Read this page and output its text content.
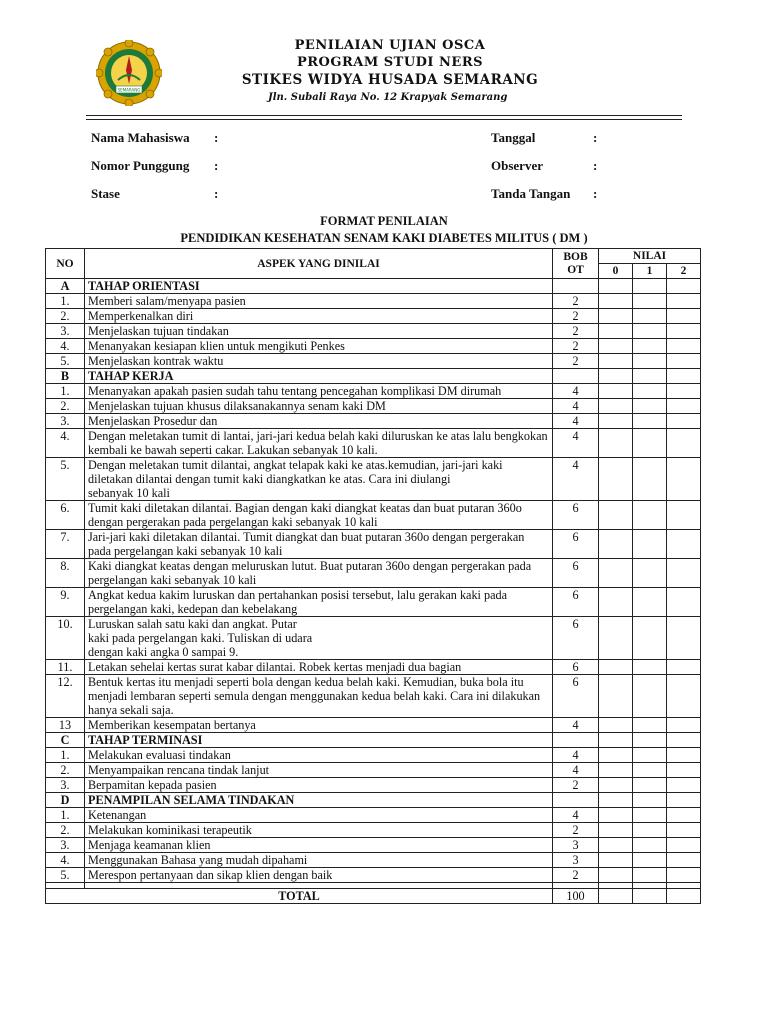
SEMARANG
PENILAIAN UJIAN OSCA
PROGRAM STUDI NERS
STIKES WIDYA HUSADA SEMARANG
Jln. Subali Raya No. 12 Krapyak Semarang
Nama Mahasiswa :
Nomor Punggung :
Stase	:
Tanggal	:
Observer	:
Tanda Tangan :
FORMAT PENILAIAN
PENDIDIKAN KESEHATAN SENAM KAKI DIABETES MILITUS ( DM )
NO	ASPEK YANG DINILAI	BOB OT	NILAI		
			0	1	2
A	TAHAP ORIENTASI				
1.	Memberi salam/menyapa pasien	2			
2.	Memperkenalkan diri	2			
3.	Menjelaskan tujuan tindakan	2			
4.	Menanyakan kesiapan klien untuk mengikuti Penkes	2			
5.	Menjelaskan kontrak waktu	2			
B	TAHAP KERJA				
1.	Menanyakan apakah pasien sudah tahu tentang pencegahan komplikasi DM dirumah	4			
2.	Menjelaskan tujuan khusus dilaksanakannya senam kaki DM	4			
3.	Menjelaskan Prosedur dan	4			
4.	Dengan meletakan tumit di lantai, jari-jari kedua belah kaki diluruskan ke atas lalu bengkokan kembali ke bawah seperti cakar. Lakukan sebanyak 10 kali.	4			
5.	Dengan meletakan tumit dilantai, angkat telapak kaki ke atas.kemudian, jari-jari kaki diletakan dilantai dengan tumit kaki diangkatkan ke atas. Cara ini diulangi
sebanyak 10 kali	4			
6.	Tumit kaki diletakan dilantai. Bagian dengan kaki diangkat keatas dan buat putaran 360o dengan pergerakan pada pergelangan kaki sebanyak 10 kali	6			
7.	Jari-jari kaki diletakan dilantai. Tumit diangkat dan buat putaran 360o dengan pergerakan pada pergelangan kaki sebanyak 10 kali	6			
8.	Kaki diangkat keatas dengan meluruskan lutut. Buat putaran 360o dengan pergerakan pada pergelangan kaki sebanyak 10 kali	6			
9.	Angkat kedua kakim luruskan dan pertahankan posisi tersebut, lalu gerakan kaki pada pergelangan kaki, kedepan dan kebelakang	6			
10.	Luruskan salah satu kaki dan angkat. Putar
kaki pada pergelangan kaki. Tuliskan di udara
dengan kaki angka 0 sampai 9.	6			
11.	Letakan sehelai kertas surat kabar dilantai. Robek kertas menjadi dua bagian	6			
12.	Bentuk kertas itu menjadi seperti bola dengan kedua belah kaki. Kemudian, buka bola itu menjadi lembaran seperti semula dengan menggunakan kedua belah kaki. Cara ini dilakukan hanya sekali saja.	6			
13	Memberikan kesempatan bertanya	4			
C	TAHAP TERMINASI				
1.	Melakukan evaluasi tindakan	4			
2.	Menyampaikan rencana tindak lanjut	4			
3.	Berpamitan kepada pasien	2			
D	PENAMPILAN SELAMA TINDAKAN				
1.	Ketenangan	4			
2.	Melakukan kominikasi terapeutik	2			
3.	Menjaga keamanan klien	3			
4.	Menggunakan Bahasa yang mudah dipahami	3			
5.	Merespon pertanyaan dan sikap klien dengan baik	2			

TOTAL		100			
